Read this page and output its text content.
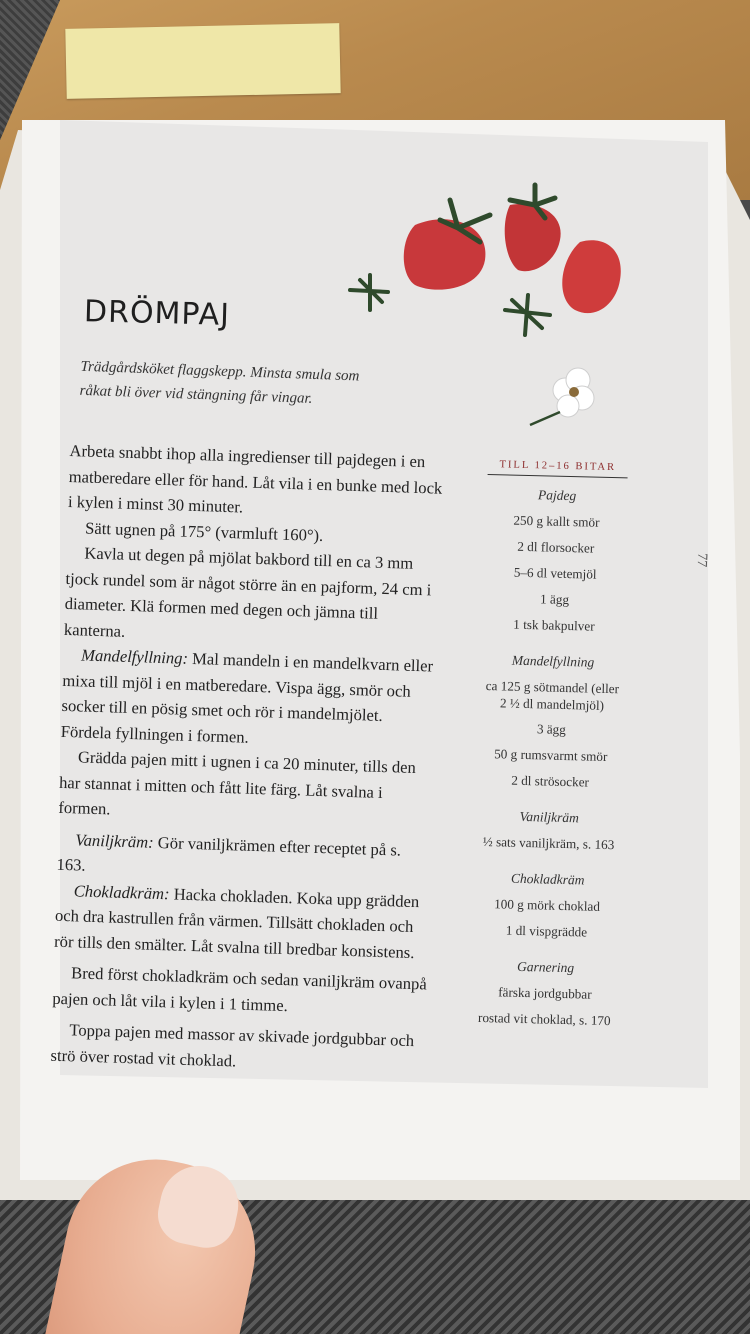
DRÖMPAJ
Trädgårdsköket flaggskepp. Minsta smula som råkat bli över vid stängning får vingar.

Arbeta snabbt ihop alla ingredienser till pajdegen i en matberedare eller för hand. Låt vila i en bunke med lock i kylen i minst 30 minuter.

Sätt ugnen på 175° (varmluft 160°).

Kavla ut degen på mjölat bakbord till en ca 3 mm tjock rundel som är något större än en pajform, 24 cm i diameter. Klä formen med degen och jämna till kanterna.

Mandelfyllning: Mal mandeln i en mandelkvarn eller mixa till mjöl i en matberedare. Vispa ägg, smör och socker till en pösig smet och rör i mandelmjölet. Fördela fyllningen i formen.

Grädda pajen mitt i ugnen i ca 20 minuter, tills den har stannat i mitten och fått lite färg. Låt svalna i formen.

Vaniljkräm: Gör vaniljkrämen efter receptet på s. 163.

Chokladkräm: Hacka chokladen. Koka upp grädden och dra kastrullen från värmen. Tillsätt chokladen och rör tills den smälter. Låt svalna till bredbar konsistens.

Bred först chokladkräm och sedan vaniljkräm ovanpå pajen och låt vila i kylen i 1 timme.

Toppa pajen med massor av skivade jordgubbar och strö över rostad vit choklad.

TILL 12–16 BITAR
Pajdeg
250 g kallt smör
2 dl florsocker
5–6 dl vetemjöl
1 ägg
1 tsk bakpulver
Mandelfyllning
ca 125 g sötmandel (eller 2 ½ dl mandelmjöl)
3 ägg
50 g rumsvarmt smör
2 dl strösocker
Vaniljkräm
½ sats vaniljkräm, s. 163
Chokladkräm
100 g mörk choklad
1 dl vispgrädde
Garnering
färska jordgubbar
rostad vit choklad, s. 170
77
